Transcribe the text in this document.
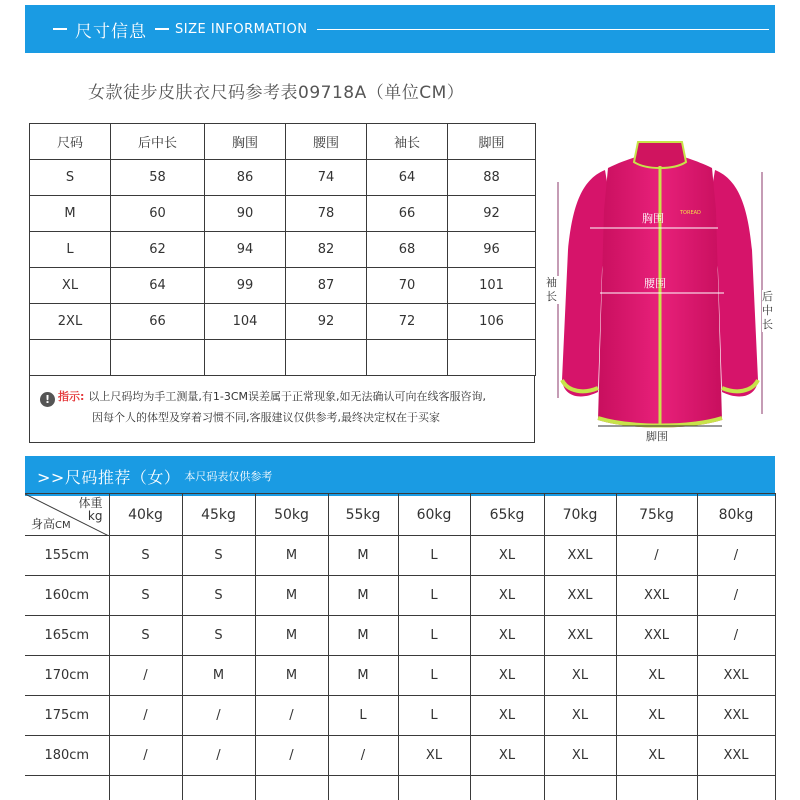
尺寸信息 SIZE INFORMATION
女款徒步皮肤衣尺码参考表09718A（单位CM）
尺码	后中长	胸围	腰围	袖长	脚围
S	58	86	74	64	88
M	60	90	78	66	92
L	62	94	82	68	96
XL	64	99	87	70	101
2XL	66	104	92	72	106

! 指示: 以上尺码均为手工测量,有1-3CM误差属于正常现象,如无法确认可向在线客服咨询,
因每个人的体型及穿着习惯不同,客服建议仅供参考,最终决定权在于买家
TOREAD
胸围
腰围
袖长	后中长
脚围
>>尺码推荐（女） 本尺码表仅供参考
体重
kg
身高CM	40kg	45kg	50kg	55kg	60kg	65kg	70kg	75kg	80kg
155cm	S	S	M	M	L	XL	XXL	/	/
160cm	S	S	M	M	L	XL	XXL	XXL	/
165cm	S	S	M	M	L	XL	XXL	XXL	/
170cm	/	M	M	M	L	XL	XL	XL	XXL
175cm	/	/	/	L	L	XL	XL	XL	XXL
180cm	/	/	/	/	XL	XL	XL	XL	XXL
